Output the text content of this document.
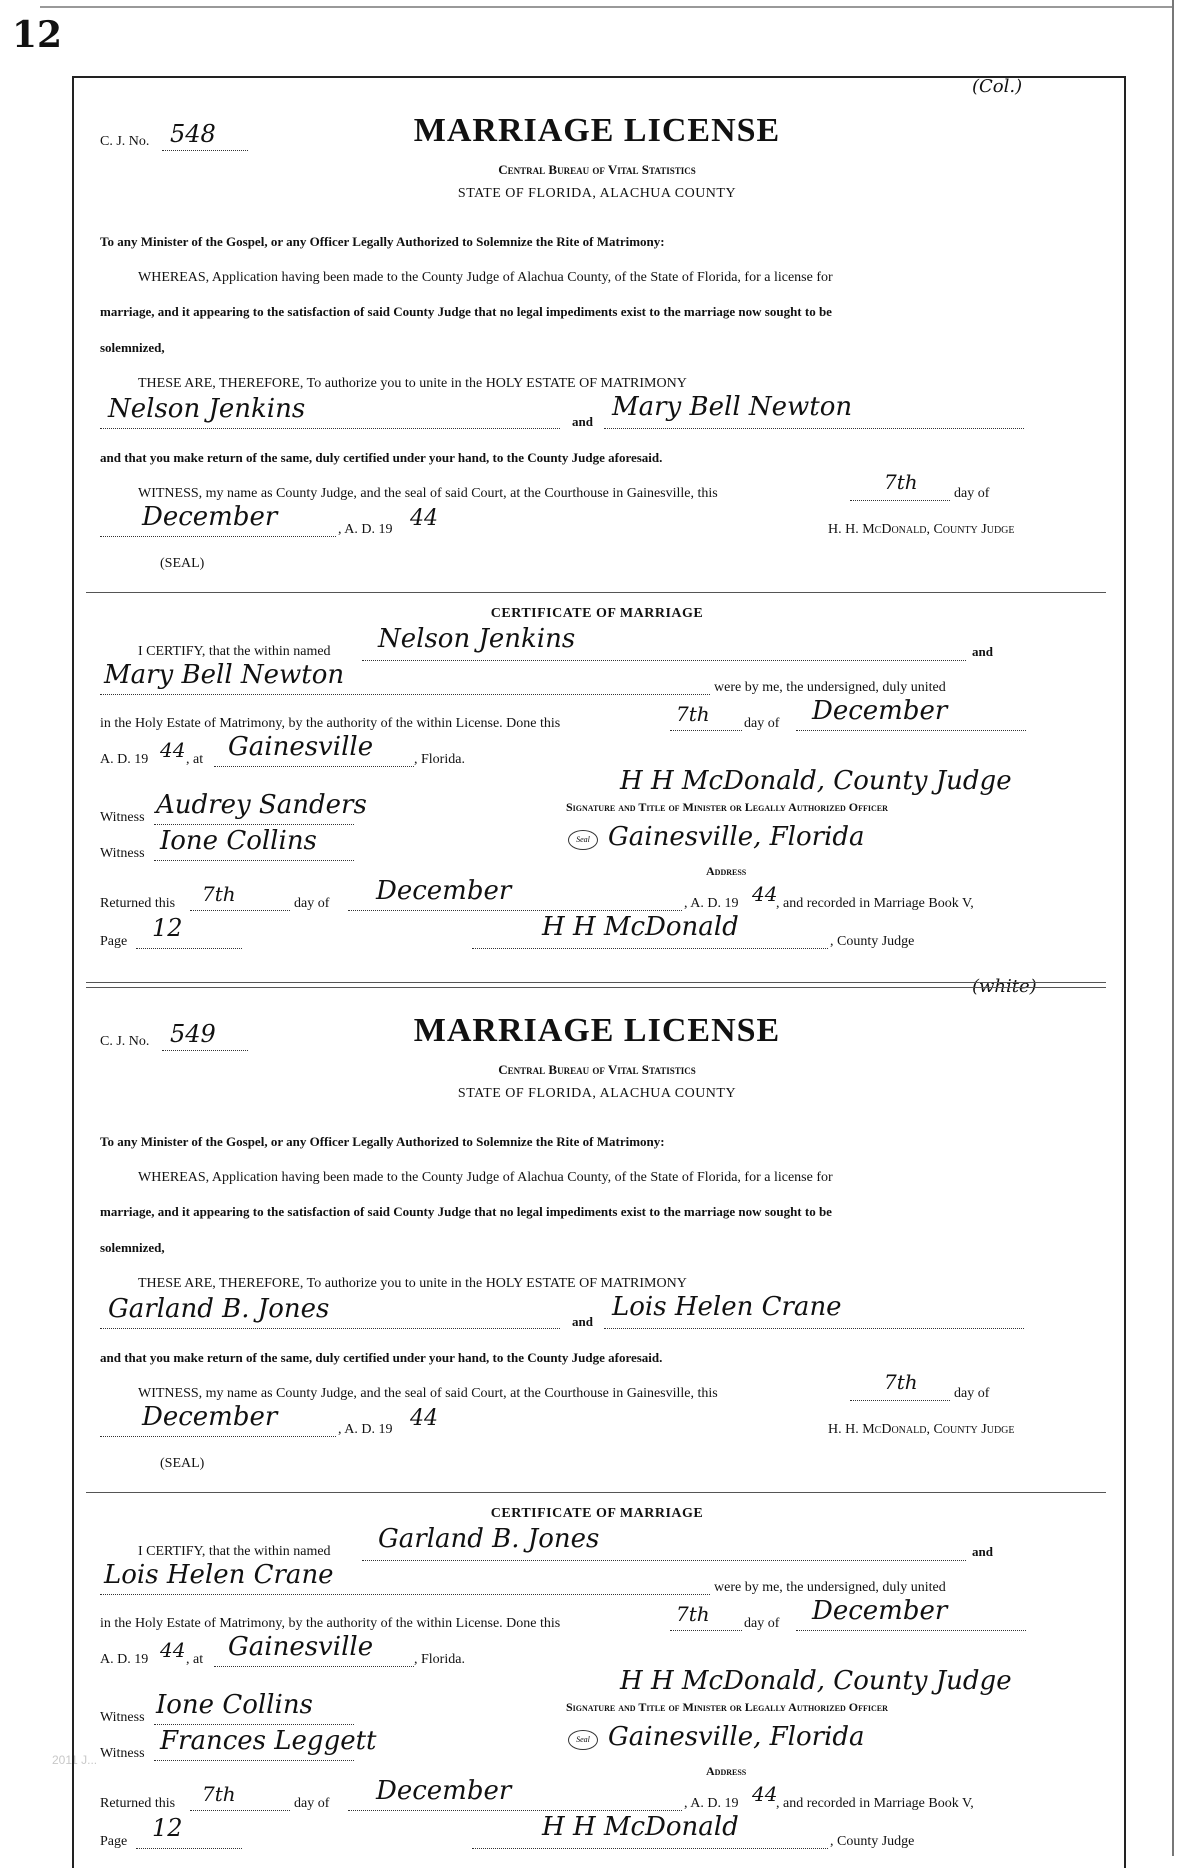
12
2011 J...
(Col.)
C. J. No. 548	MARRIAGE LICENSE
Central Bureau of Vital Statistics
STATE OF FLORIDA, ALACHUA COUNTY
To any Minister of the Gospel, or any Officer Legally Authorized to Solemnize the Rite of Matrimony:
WHEREAS, Application having been made to the County Judge of Alachua County, of the State of Florida, for a license for
marriage, and it appearing to the satisfaction of said County Judge that no legal impediments exist to the marriage now sought to be
solemnized,
THESE ARE, THEREFORE, To authorize you to unite in the HOLY ESTATE OF MATRIMONY
Nelson Jenkins	and Mary Bell Newton
and that you make return of the same, duly certified under your hand, to the County Judge aforesaid.
WITNESS, my name as County Judge, and the seal of said Court, at the Courthouse in Gainesville, this	7th	day of
December	, A. D. 19 44	H. H. McDonald, County Judge
(SEAL)
CERTIFICATE OF MARRIAGE
I CERTIFY, that the within named Nelson Jenkins	and
Mary Bell Newton	were by me, the undersigned, duly united
in the Holy Estate of Matrimony, by the authority of the within License. Done this	7th day of December
A. D. 19 44 , at Gainesville	, Florida.
H H McDonald, County Judge
Signature and Title of Minister or Legally Authorized Officer
Witness Audrey Sanders
Witness Ione Collins	Seal Gainesville, Florida
Address
Returned this 7th	day of December	, A. D. 19 44
, and recorded in Marriage Book V,
Page 12	H H McDonald	, County Judge
(white)
C. J. No. 549	MARRIAGE LICENSE
Central Bureau of Vital Statistics
STATE OF FLORIDA, ALACHUA COUNTY
To any Minister of the Gospel, or any Officer Legally Authorized to Solemnize the Rite of Matrimony:
WHEREAS, Application having been made to the County Judge of Alachua County, of the State of Florida, for a license for
marriage, and it appearing to the satisfaction of said County Judge that no legal impediments exist to the marriage now sought to be
solemnized,
THESE ARE, THEREFORE, To authorize you to unite in the HOLY ESTATE OF MATRIMONY
Garland B. Jones	and Lois Helen Crane
and that you make return of the same, duly certified under your hand, to the County Judge aforesaid.
WITNESS, my name as County Judge, and the seal of said Court, at the Courthouse in Gainesville, this	7th	day of
December	, A. D. 19 44	H. H. McDonald, County Judge
(SEAL)
CERTIFICATE OF MARRIAGE
I CERTIFY, that the within named Garland B. Jones	and
Lois Helen Crane	were by me, the undersigned, duly united
in the Holy Estate of Matrimony, by the authority of the within License. Done this	7th day of December
A. D. 19 44 , at Gainesville	, Florida.
H H McDonald, County Judge
Signature and Title of Minister or Legally Authorized Officer
Witness Ione Collins
Witness Frances Leggett	Seal Gainesville, Florida
Address
Returned this 7th	day of December	, A. D. 19 44
, and recorded in Marriage Book V,
Page 12	H H McDonald	, County Judge
